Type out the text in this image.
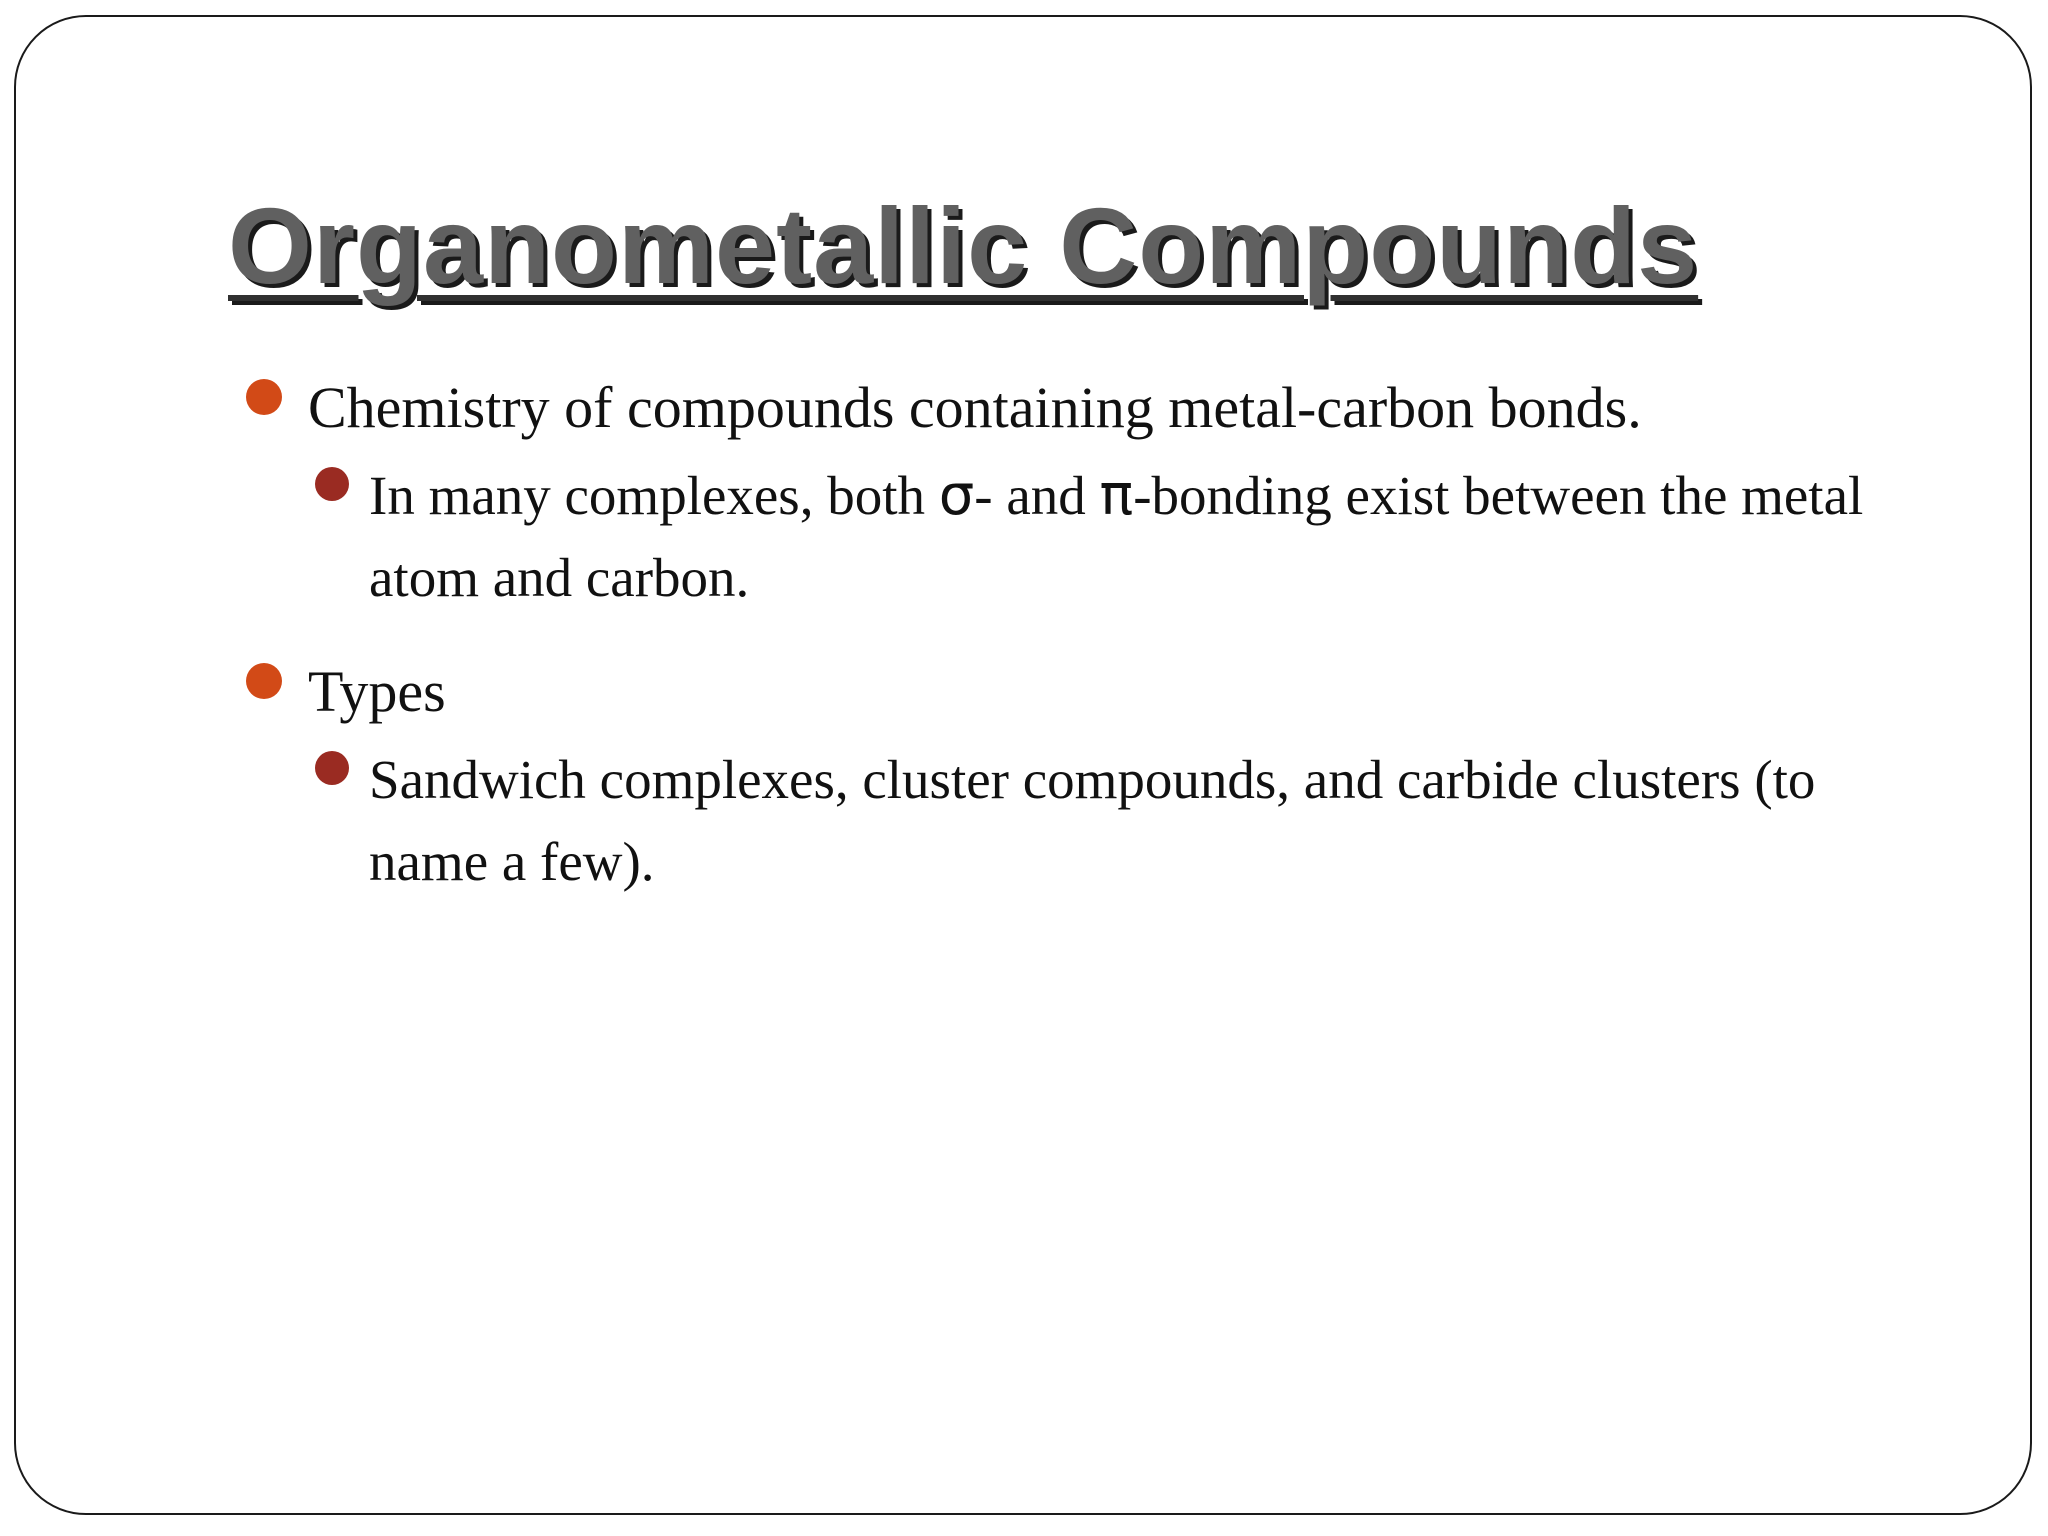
Organometallic Compounds
Chemistry of compounds containing metal-carbon bonds.
In many complexes, both σ- and π-bonding exist between the metal atom and carbon.
Types
Sandwich complexes, cluster compounds, and carbide clusters (to name a few).
